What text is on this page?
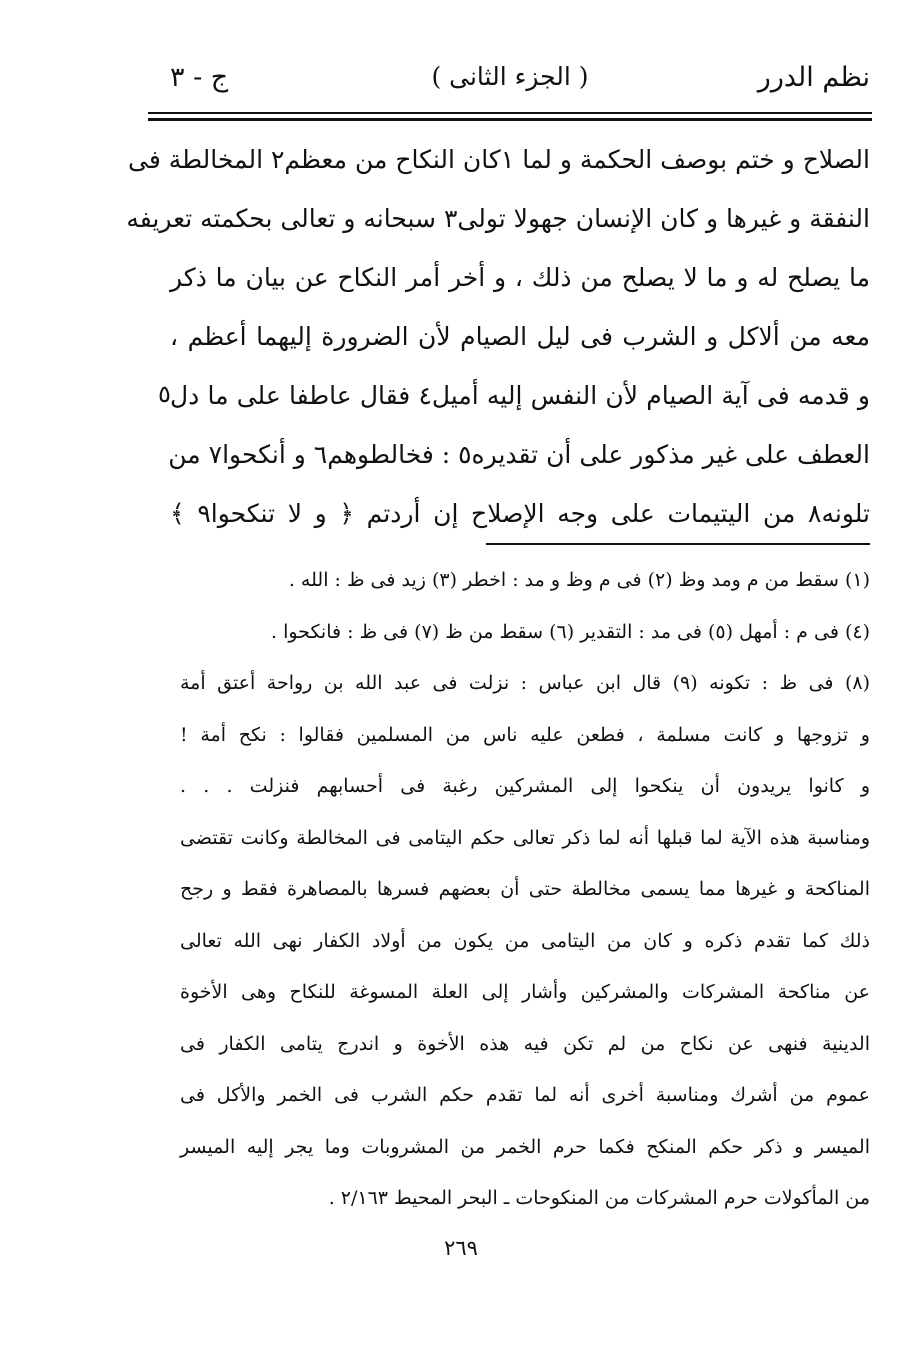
نظم الدرر
( الجزء الثانى )
ج - ٣
الصلاح و ختم بوصف الحكمة و لما ١كان النكاح من معظم٢ المخالطة فى
النفقة و غيرها و كان الإنسان جهولا تولى٣ سبحانه و تعالى بحكمته تعريفه
ما يصلح له و ما لا يصلح من ذلك ، و أخر أمر النكاح عن بيان ما ذكر
معه من ألاكل و الشرب فى ليل الصيام لأن الضرورة إليهما أعظم ،
و قدمه فى آية الصيام لأن النفس إليه أميل٤ فقال عاطفا على ما دل
العطف على غير مذكور على أن تقديره٥ : فخالطوهم٦ و أنكحوا٧ من
تلونه٨ من اليتيمات على وجه الإصلاح إن أردتم ﴿ و لا تنكحوا٩ ﴾
٥
(١) سقط من م ومد وظ (٢) فى م وظ و مد : اخطر (٣) زيد فى ظ : الله .
(٤) فى م : أمهل (٥) فى مد : التقدير (٦) سقط من ظ (٧) فى ظ : فانكحوا .
(٨) فى ظ : تكونه (٩) قال ابن عباس : نزلت فى عبد الله بن رواحة أعتق أمة
و تزوجها و كانت مسلمة ، فطعن عليه ناس من المسلمين فقالوا : نكح أمة !
و كانوا يريدون أن ينكحوا إلى المشركين رغبة فى أحسابهم فنزلت . . .
ومناسبة هذه الآية لما قبلها أنه لما ذكر تعالى حكم اليتامى فى المخالطة وكانت تقتضى
المناكحة و غيرها مما يسمى مخالطة حتى أن بعضهم فسرها بالمصاهرة فقط و رجح
ذلك كما تقدم ذكره و كان من اليتامى من يكون من أولاد الكفار نهى الله تعالى
عن مناكحة المشركات والمشركين وأشار إلى العلة المسوغة للنكاح وهى الأخوة
الدينية فنهى عن نكاح من لم تكن فيه هذه الأخوة و اندرج يتامى الكفار فى
عموم من أشرك ومناسبة أخرى أنه لما تقدم حكم الشرب فى الخمر والأكل فى
الميسر و ذكر حكم المنكح فكما حرم الخمر من المشروبات وما يجر إليه الميسر
من المأكولات حرم المشركات من المنكوحات ـ البحر المحيط ٢/١٦٣ .
٢٦٩
